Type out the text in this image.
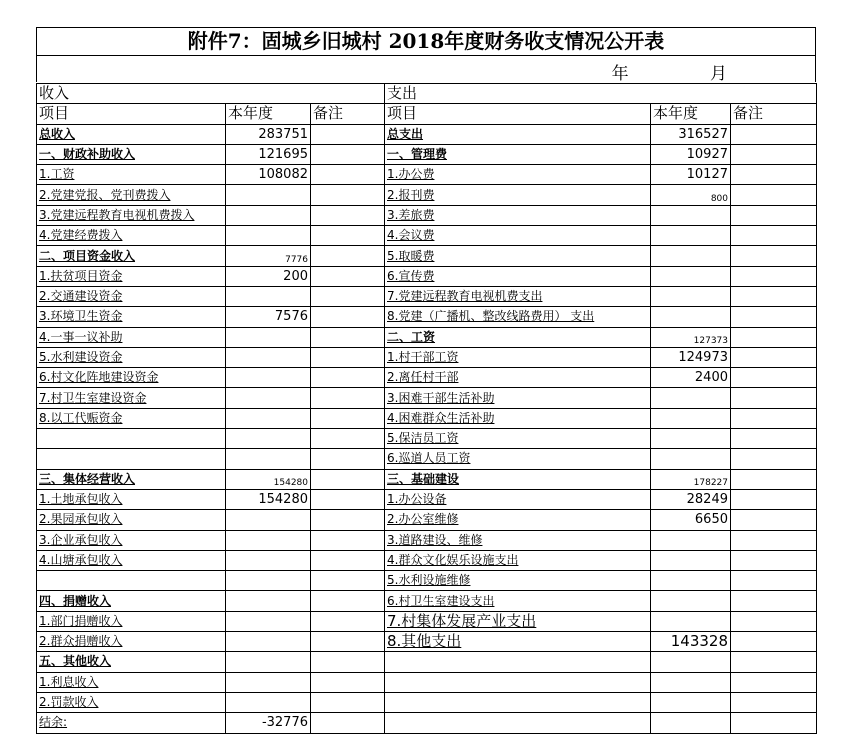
附件7：固城乡旧城村 2018年度财务收支情况公开表
年 月
收入			支出		
项目	本年度	备注	项目	本年度	备注
总收入	283751		总支出	316527	
一、财政补助收入	121695		一、管理费	10927	
1.工资	108082		1.办公费	10127	
2.党建党报、党刊费拨入			2.报刊费	800	
3.党建远程教育电视机费拨入			3.差旅费		
4.党建经费拨入			4.会议费		
二、项目资金收入	7776		5.取暖费		
1.扶贫项目资金	200		6.宣传费		
2.交通建设资金			7.党建远程教育电视机费支出		
3.环境卫生资金	7576		8.党建（广播机、整改线路费用） 支出		
4.一事一议补助			二、工资	127373	
5.水利建设资金			1.村干部工资	124973	
6.村文化阵地建设资金			2.离任村干部	2400	
7.村卫生室建设资金			3.困难干部生活补助		
8.以工代赈资金			4.困难群众生活补助		
			5.保洁员工资		
			6.巡道人员工资		
三、集体经营收入	154280		三、基础建设	178227	
1.土地承包收入	154280		1.办公设备	28249	
2.果园承包收入			2.办公室维修	6650	
3.企业承包收入			3.道路建设、维修		
4.山塘承包收入			4.群众文化娱乐设施支出		
			5.水利设施维修		
四、捐赠收入			6.村卫生室建设支出		
1.部门捐赠收入			7.村集体发展产业支出		
2.群众捐赠收入			8.其他支出	143328	
五、其他收入					
1.利息收入					
2.罚款收入					
结余:	-32776				
